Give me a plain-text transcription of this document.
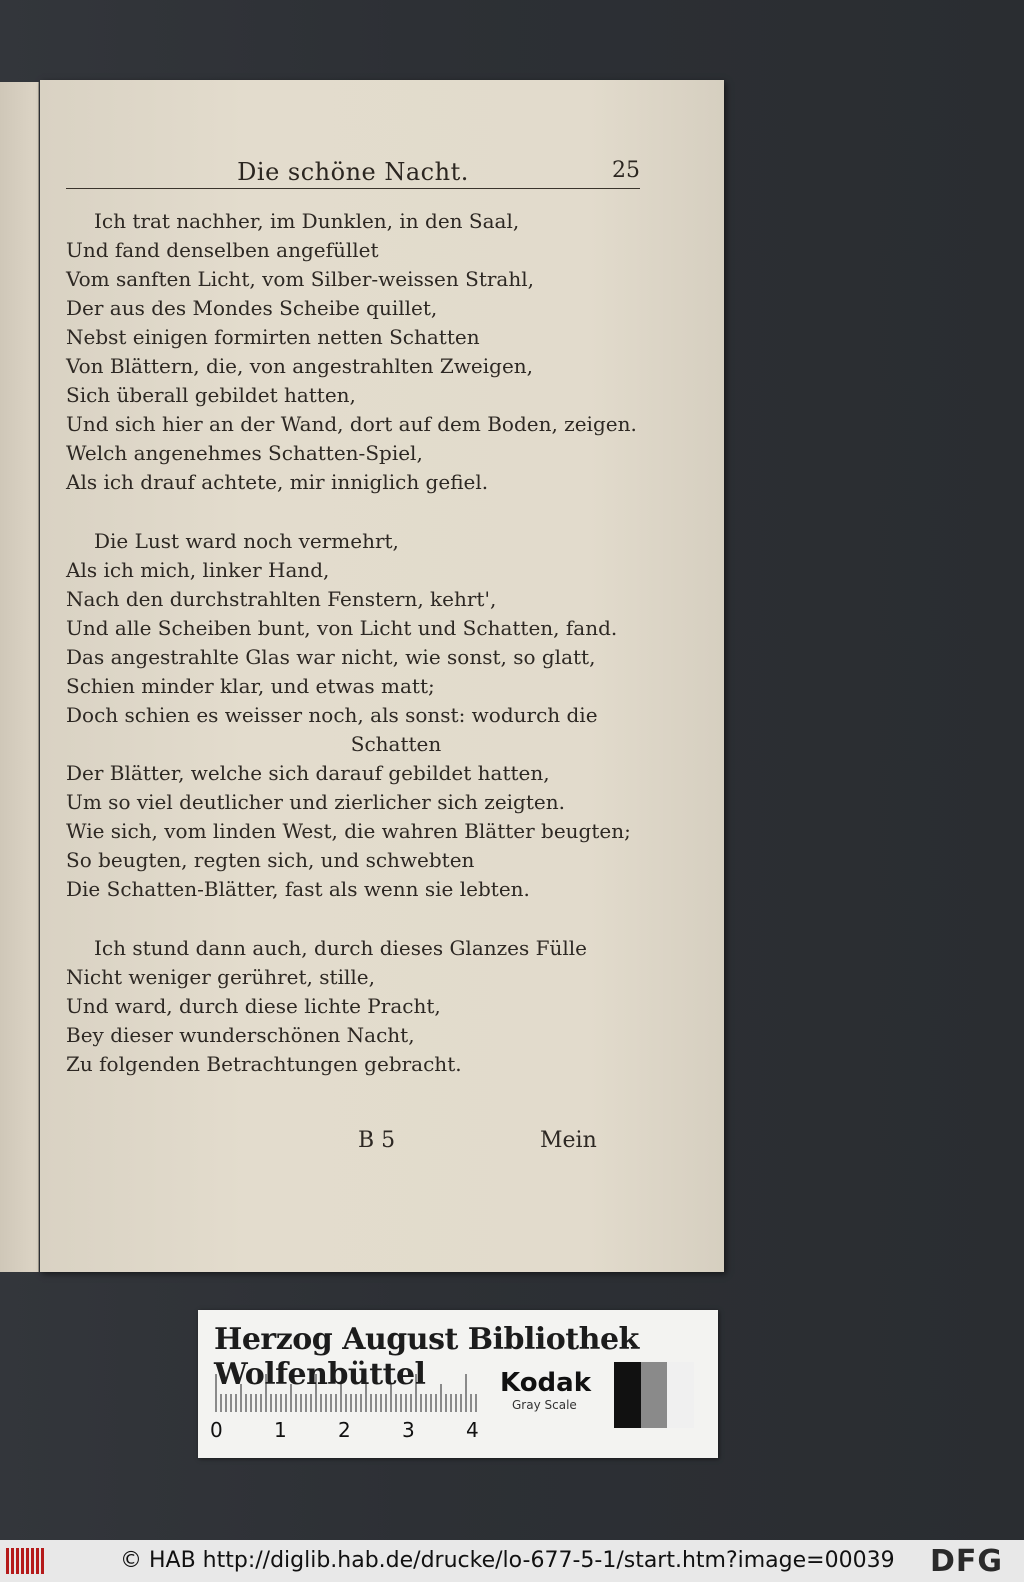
Die schöne Nacht.	25
Ich trat nachher, im Dunklen, in den Saal,
Und fand denselben angefüllet
Vom sanften Licht, vom Silber-weissen Strahl,
Der aus des Mondes Scheibe quillet,
Nebst einigen formirten netten Schatten
Von Blättern, die, von angestrahlten Zweigen,
Sich überall gebildet hatten,
Und sich hier an der Wand, dort auf dem Boden, zeigen.
Welch angenehmes Schatten-Spiel,
Als ich drauf achtete, mir inniglich gefiel.
Die Lust ward noch vermehrt,
Als ich mich, linker Hand,
Nach den durchstrahlten Fenstern, kehrt',
Und alle Scheiben bunt, von Licht und Schatten, fand.
Das angestrahlte Glas war nicht, wie sonst, so glatt,
Schien minder klar, und etwas matt;
Doch schien es weisser noch, als sonst: wodurch die
Schatten
Der Blätter, welche sich darauf gebildet hatten,
Um so viel deutlicher und zierlicher sich zeigten.
Wie sich, vom linden West, die wahren Blätter beugten;
So beugten, regten sich, und schwebten
Die Schatten-Blätter, fast als wenn sie lebten.
Ich stund dann auch, durch dieses Glanzes Fülle
Nicht weniger gerühret, stille,
Und ward, durch diese lichte Pracht,
Bey dieser wunderschönen Nacht,
Zu folgenden Betrachtungen gebracht.
B 5	Mein
Herzog August Bibliothek Wolfenbüttel
0	1	2	3	4
Kodak
Gray Scale
© HAB http://diglib.hab.de/drucke/lo-677-5-1/start.htm?image=00039 DFG
